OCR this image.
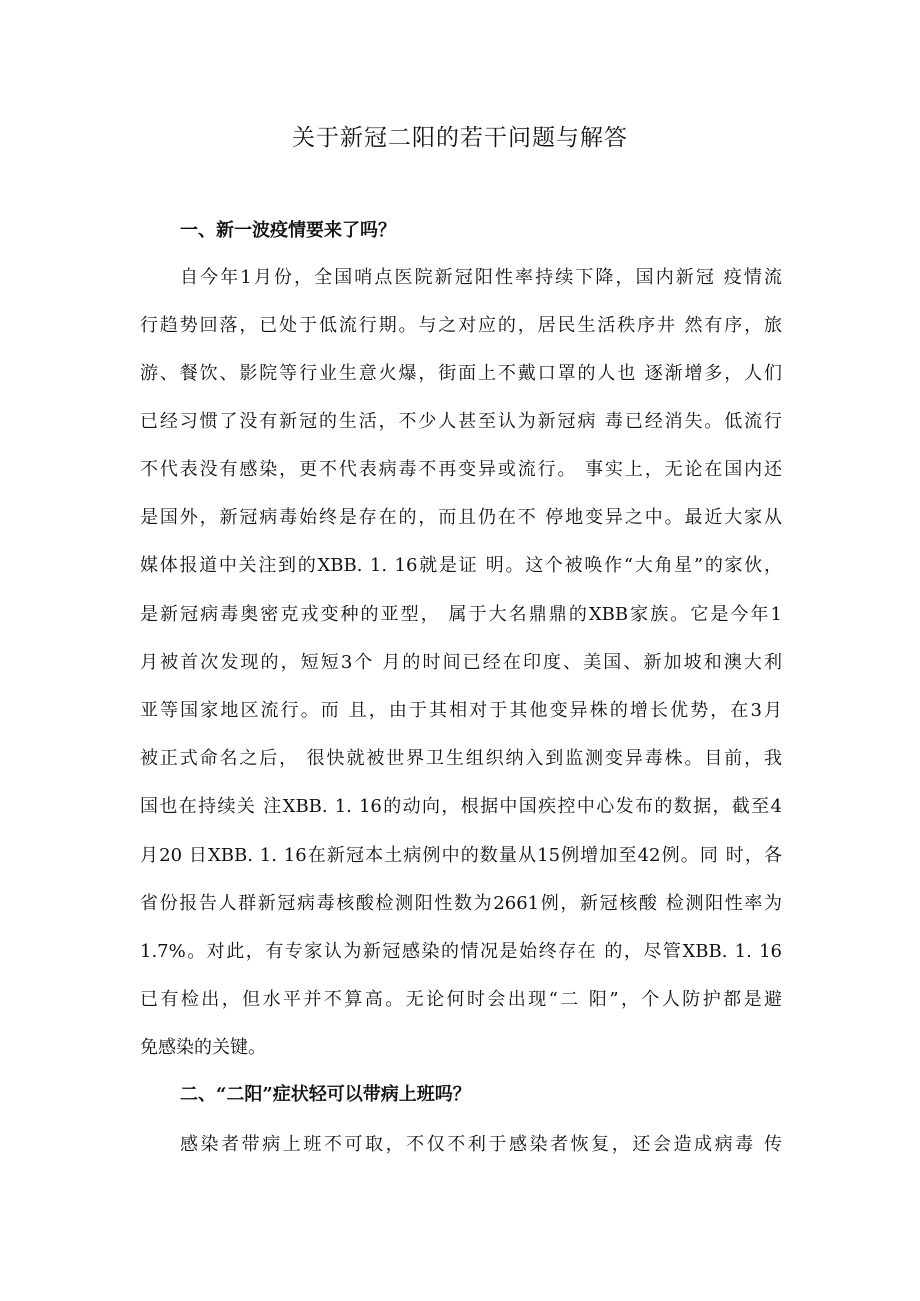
关于新冠二阳的若干问题与解答
一、新一波疫情要来了吗？

自今年1月份，全国哨点医院新冠阳性率持续下降，国内新冠 疫情流

行趋势回落，已处于低流行期。与之对应的，居民生活秩序井 然有序，旅

游、餐饮、影院等行业生意火爆，街面上不戴口罩的人也 逐渐增多，人们

已经习惯了没有新冠的生活，不少人甚至认为新冠病 毒已经消失。低流行

不代表没有感染，更不代表病毒不再变异或流行。 事实上，无论在国内还

是国外，新冠病毒始终是存在的，而且仍在不 停地变异之中。最近大家从

媒体报道中关注到的XBB. 1. 16就是证 明。这个被唤作“大角星”的家伙，

是新冠病毒奥密克戎变种的亚型， 属于大名鼎鼎的XBB家族。它是今年1

月被首次发现的，短短3个 月的时间已经在印度、美国、新加坡和澳大利

亚等国家地区流行。而 且，由于其相对于其他变异株的增长优势，在3月

被正式命名之后， 很快就被世界卫生组织纳入到监测变异毒株。目前，我

国也在持续关 注XBB. 1. 16的动向，根据中国疾控中心发布的数据，截至4

月20 日XBB. 1. 16在新冠本土病例中的数量从15例增加至42例。同 时，各

省份报告人群新冠病毒核酸检测阳性数为2661例，新冠核酸 检测阳性率为

1.7%。对此，有专家认为新冠感染的情况是始终存在 的，尽管XBB. 1. 16

已有检出，但水平并不算高。无论何时会出现“二 阳”，个人防护都是避

免感染的关键。

二、“二阳”症状轻可以带病上班吗？

感染者带病上班不可取，不仅不利于感染者恢复，还会造成病毒 传
